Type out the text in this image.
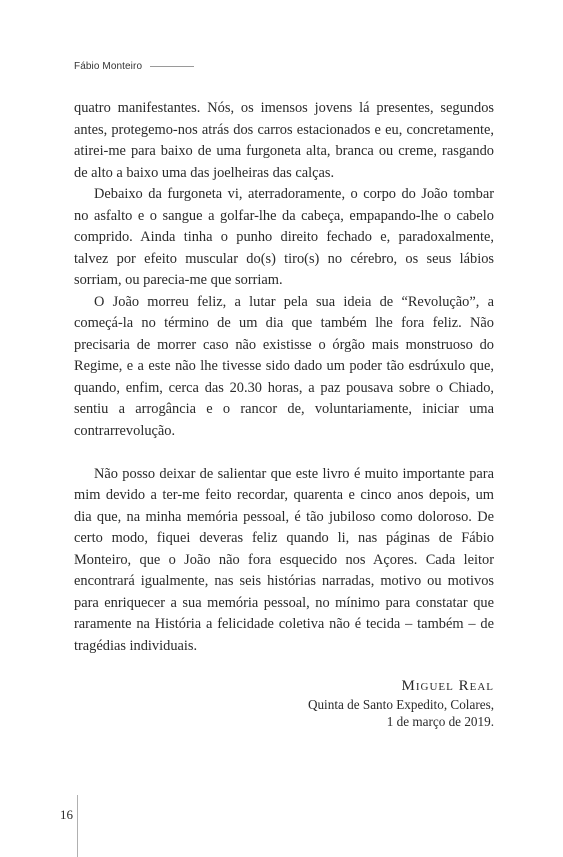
Fábio Monteiro

quatro manifestantes. Nós, os imensos jovens lá presentes, segundos antes, protegemo-nos atrás dos carros estacionados e eu, concretamente, atirei-me para baixo de uma furgoneta alta, branca ou creme, rasgando de alto a baixo uma das joelheiras das calças.

Debaixo da furgoneta vi, aterradoramente, o corpo do João tombar no asfalto e o sangue a golfar-lhe da cabeça, empapando-lhe o cabelo comprido. Ainda tinha o punho direito fechado e, paradoxalmente, talvez por efeito muscular do(s) tiro(s) no cérebro, os seus lábios sorriam, ou parecia-me que sorriam.

O João morreu feliz, a lutar pela sua ideia de “Revolução”, a começá-la no término de um dia que também lhe fora feliz. Não precisaria de morrer caso não existisse o órgão mais monstruoso do Regime, e a este não lhe tivesse sido dado um poder tão esdrúxulo que, quando, enfim, cerca das 20.30 horas, a paz pousava sobre o Chiado, sentiu a arrogância e o rancor de, voluntariamente, iniciar uma contrarrevolução.

Não posso deixar de salientar que este livro é muito importante para mim devido a ter-me feito recordar, quarenta e cinco anos depois, um dia que, na minha memória pessoal, é tão jubiloso como doloroso. De certo modo, fiquei deveras feliz quando li, nas páginas de Fábio Monteiro, que o João não fora esquecido nos Açores. Cada leitor encontrará igualmente, nas seis histórias narradas, motivo ou motivos para enriquecer a sua memória pessoal, no mínimo para constatar que raramente na História a felicidade coletiva não é tecida – também – de tragédias individuais.

Miguel Real
Quinta de Santo Expedito, Colares,
1 de março de 2019.
16
